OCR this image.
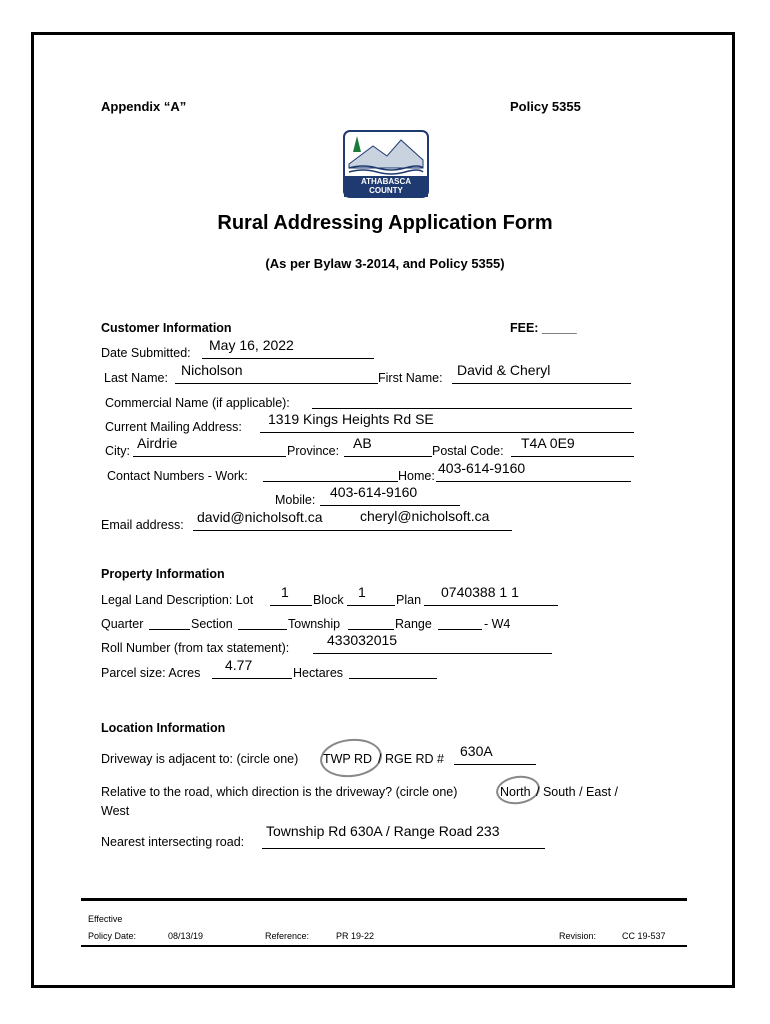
Appendix “A”	Policy 5355
ATHABASCA
COUNTY
Rural Addressing Application Form
(As per Bylaw 3-2014, and Policy 5355)
Customer Information	FEE: _____
Date Submitted: May 16, 2022
Last Name: Nicholson	First Name: David & Cheryl
Commercial Name (if applicable):
Current Mailing Address: 1319 Kings Heights Rd SE
City: Airdrie	Province: AB	Postal Code: T4A 0E9
Contact Numbers - Work:	Home: 403-614-9160
Mobile: 403-614-9160
Email address: david@nicholsoft.ca	cheryl@nicholsoft.ca
Property Information
Legal Land Description: Lot 1 Block 1 Plan 0740388 1 1
Quarter	Section	Township	Range	- W4
Roll Number (from tax statement):	433032015
Parcel size: Acres 4.77	Hectares
Location Information
Driveway is adjacent to: (circle one) TWP RD / RGE RD # 630A
Relative to the road, which direction is the driveway? (circle one)	North / South / East /
West
Nearest intersecting road:
Township Rd 630A / Range Road 233
Effective
Policy Date:	08/13/19	Reference:	PR 19-22	Revision:	CC 19-537
